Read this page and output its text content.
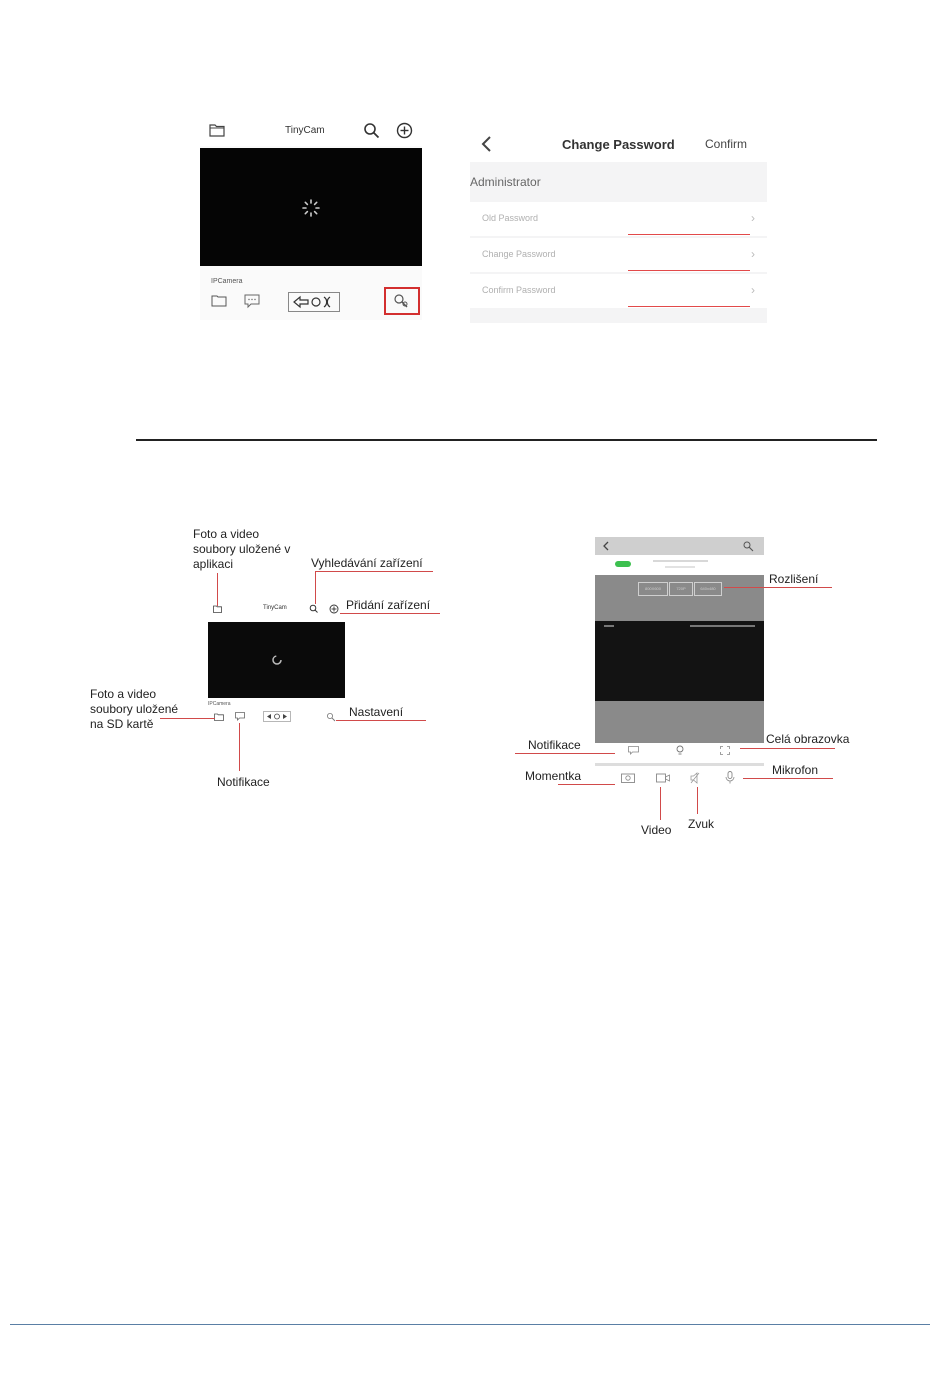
TinyCam
IPCamera
Change Password	Confirm
Administrator
Old Password	›
Change Password	›
Confirm Password	›
Foto a video
soubory uložené v
aplikaci	Vyhledávání zařízení
Přidání zařízení
TinyCam
IPCamera
Foto a video
soubory uložené
na SD kartě
Nastavení
Notifikace
800X600	720P	640x480
Rozlišení
Notifikace	Celá obrazovka
Momentka	Mikrofon
Video Zvuk
